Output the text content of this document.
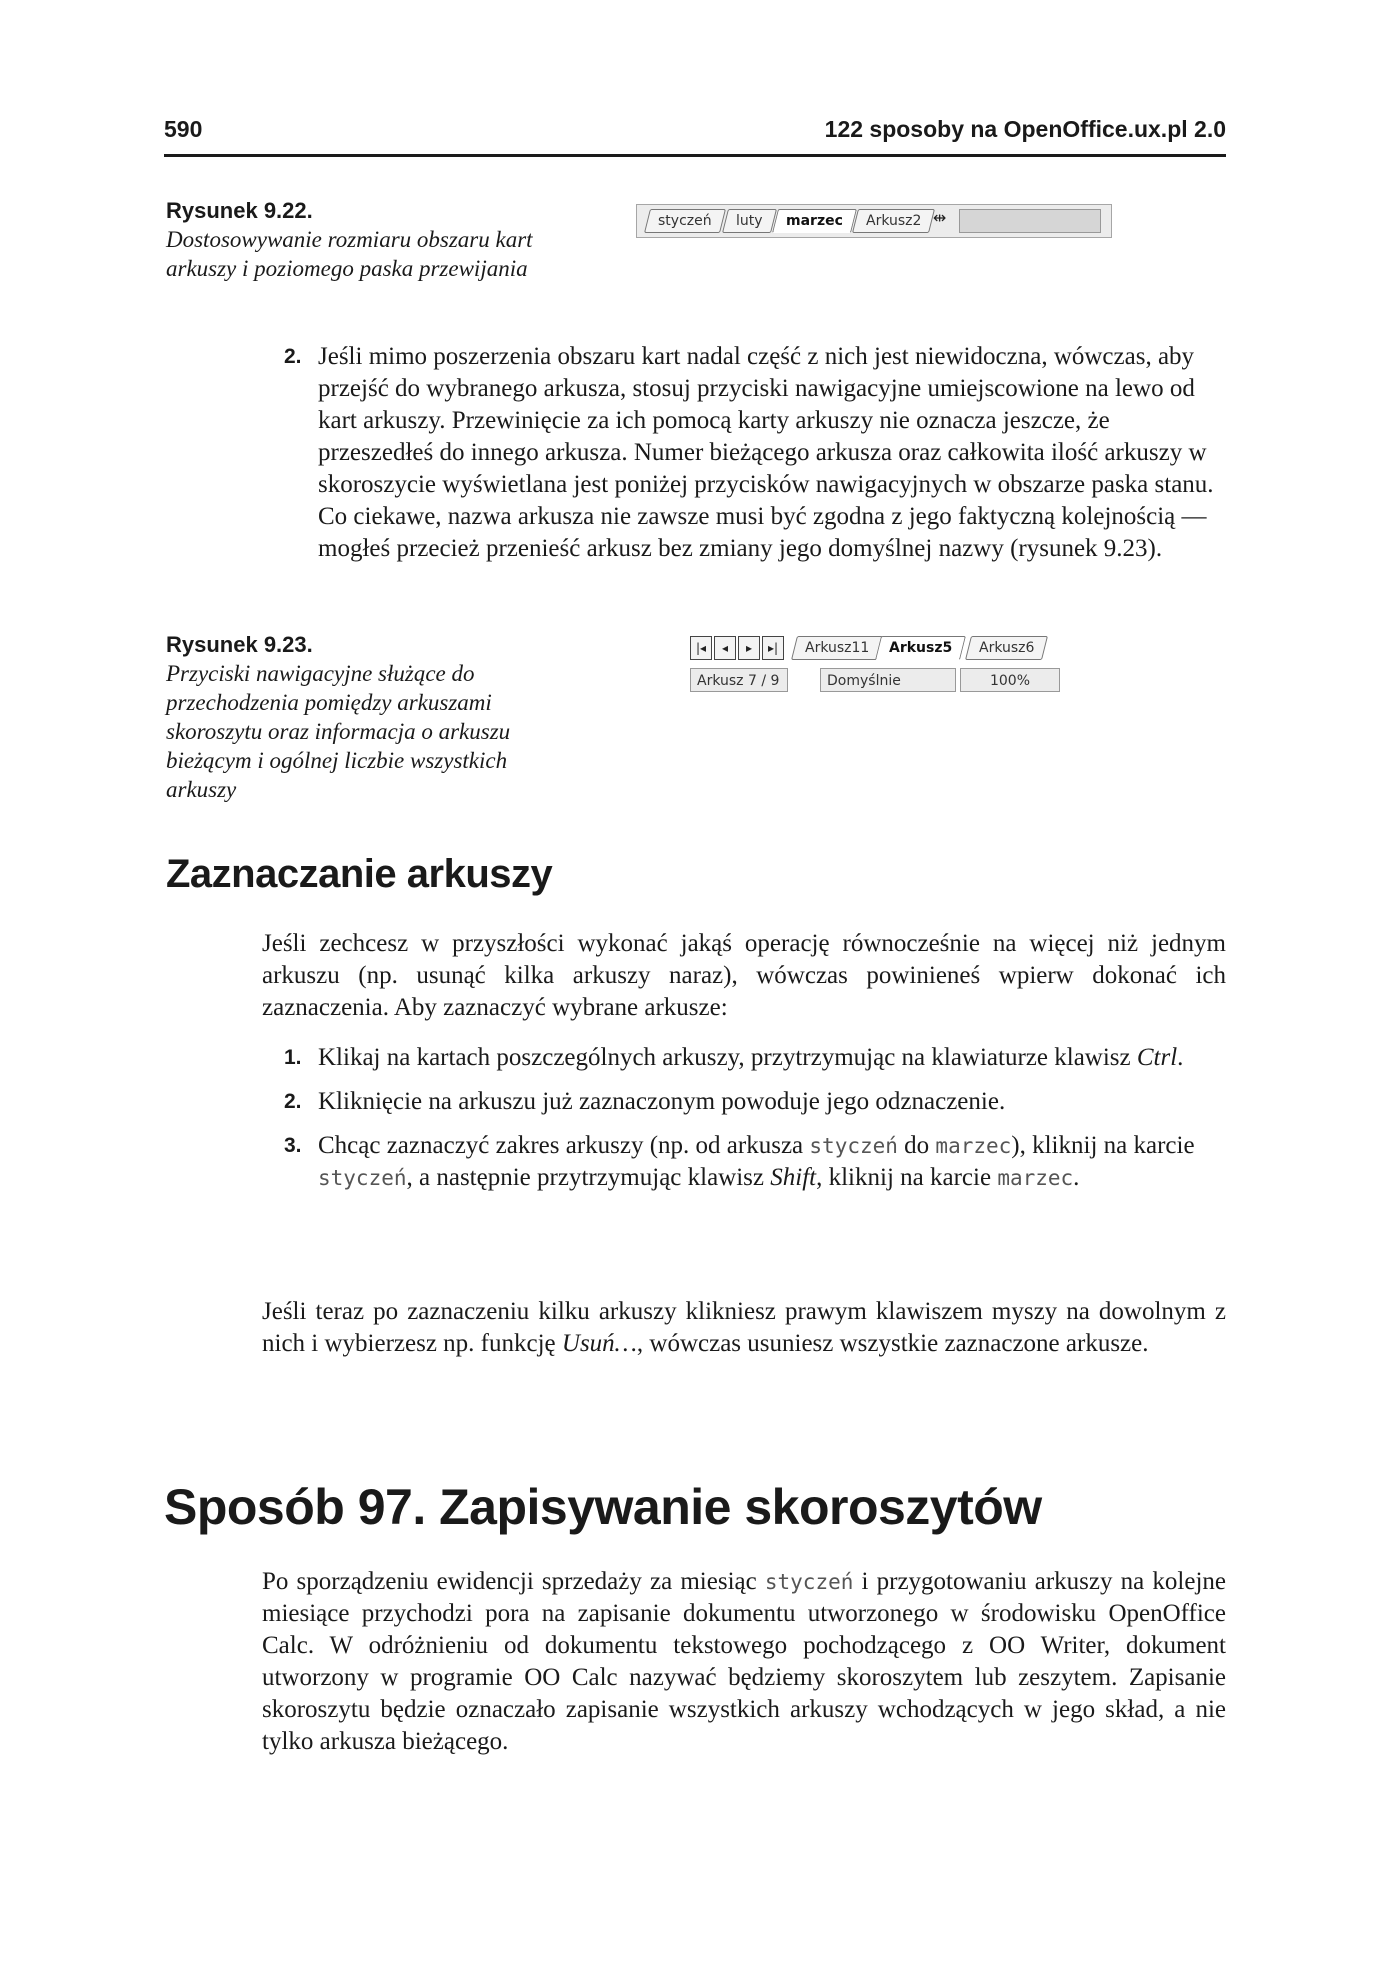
590	122 sposoby na OpenOffice.ux.pl 2.0
Rysunek 9.22.
Dostosowywanie rozmiaru obszaru kart arkuszy i poziomego paska przewijania
styczeń	luty	marzec	Arkusz2 ⇹
2. Jeśli mimo poszerzenia obszaru kart nadal część z nich jest niewidoczna, wówczas, aby przejść do wybranego arkusza, stosuj przyciski nawigacyjne umiejscowione na lewo od kart arkuszy. Przewinięcie za ich pomocą karty arkuszy nie oznacza jeszcze, że przeszedłeś do innego arkusza. Numer bieżącego arkusza oraz całkowita ilość arkuszy w skoroszycie wyświetlana jest poniżej przycisków nawigacyjnych w obszarze paska stanu. Co ciekawe, nazwa arkusza nie zawsze musi być zgodna z jego faktyczną kolejnością — mogłeś przecież przenieść arkusz bez zmiany jego domyślnej nazwy (rysunek 9.23).
Rysunek 9.23.
Przyciski nawigacyjne służące do przechodzenia pomiędzy arkuszami skoroszytu oraz informacja o arkuszu bieżącym i ogólnej liczbie wszystkich arkuszy
|◂	◂	▸	▸|	Arkusz11	Arkusz5	Arkusz6
Arkusz 7 / 9	Domyślnie	100%
Zaznaczanie arkuszy
Jeśli zechcesz w przyszłości wykonać jakąś operację równocześnie na więcej niż jednym arkuszu (np. usunąć kilka arkuszy naraz), wówczas powinieneś wpierw dokonać ich zaznaczenia. Aby zaznaczyć wybrane arkusze:
1. Klikaj na kartach poszczególnych arkuszy, przytrzymując na klawiaturze klawisz Ctrl.
2. Kliknięcie na arkuszu już zaznaczonym powoduje jego odznaczenie.
3. Chcąc zaznaczyć zakres arkuszy (np. od arkusza styczeń do marzec), kliknij na karcie styczeń, a następnie przytrzymując klawisz Shift, kliknij na karcie marzec.
Jeśli teraz po zaznaczeniu kilku arkuszy klikniesz prawym klawiszem myszy na dowolnym z nich i wybierzesz np. funkcję Usuń…, wówczas usuniesz wszystkie zaznaczone arkusze.
Sposób 97. Zapisywanie skoroszytów
Po sporządzeniu ewidencji sprzedaży za miesiąc styczeń i przygotowaniu arkuszy na kolejne miesiące przychodzi pora na zapisanie dokumentu utworzonego w środowisku OpenOffice Calc. W odróżnieniu od dokumentu tekstowego pochodzącego z OO Writer, dokument utworzony w programie OO Calc nazywać będziemy skoroszytem lub zeszytem. Zapisanie skoroszytu będzie oznaczało zapisanie wszystkich arkuszy wchodzących w jego skład, a nie tylko arkusza bieżącego.
